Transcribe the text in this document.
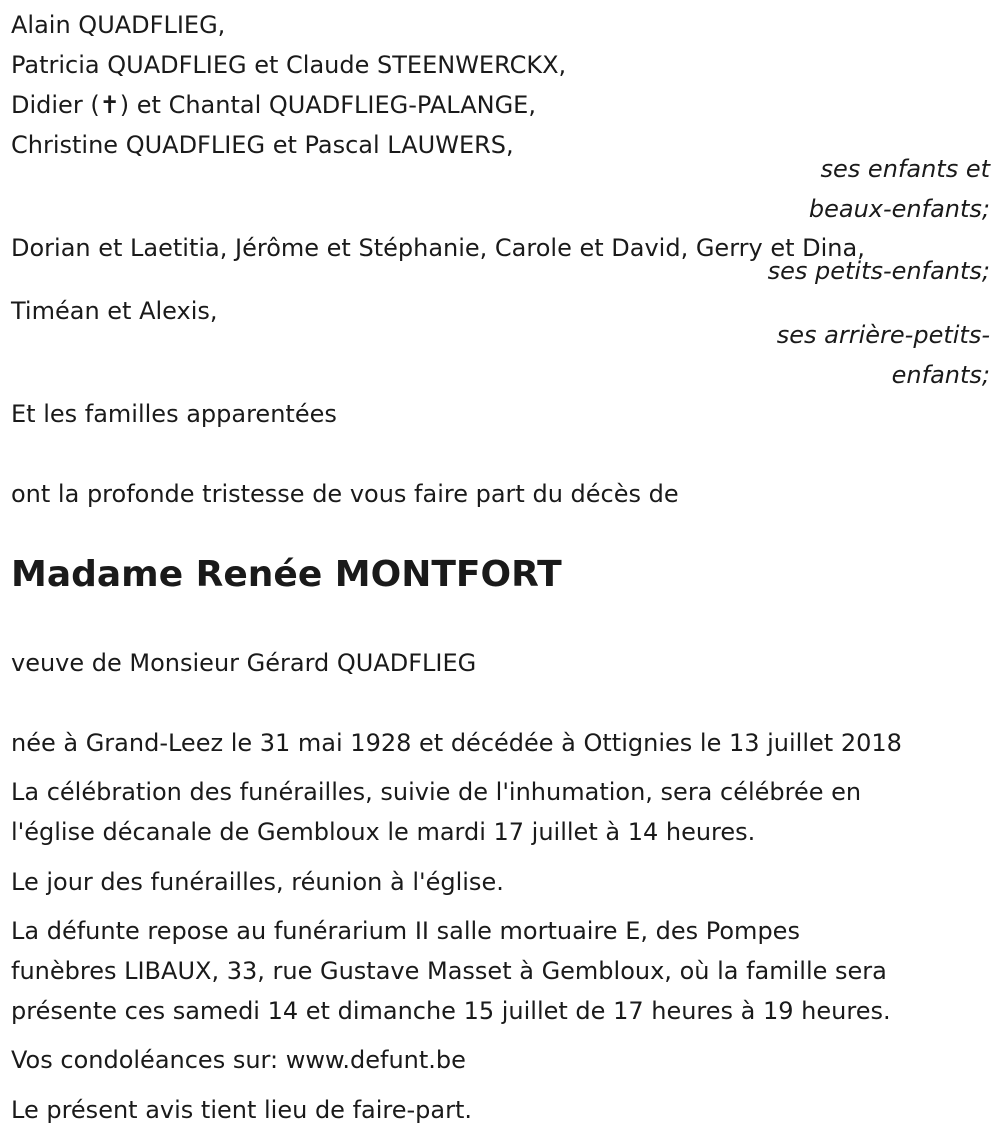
Alain QUADFLIEG,
Patricia QUADFLIEG et Claude STEENWERCKX,
Didier (✝) et Chantal QUADFLIEG-PALANGE,
Christine QUADFLIEG et Pascal LAUWERS,
ses enfants et
beaux-enfants;
Dorian et Laetitia, Jérôme et Stéphanie, Carole et David, Gerry et Dina,
ses petits-enfants;
Timéan et Alexis,
ses arrière-petits-
enfants;
Et les familles apparentées
ont la profonde tristesse de vous faire part du décès de
Madame Renée MONTFORT
veuve de Monsieur Gérard QUADFLIEG
née à Grand-Leez le 31 mai 1928 et décédée à Ottignies le 13 juillet 2018
La célébration des funérailles, suivie de l'inhumation, sera célébrée en
l'église décanale de Gembloux le mardi 17 juillet à 14 heures.
Le jour des funérailles, réunion à l'église.
La défunte repose au funérarium II salle mortuaire E, des Pompes
funèbres LIBAUX, 33, rue Gustave Masset à Gembloux, où la famille sera
présente ces samedi 14 et dimanche 15 juillet de 17 heures à 19 heures.
Vos condoléances sur: www.defunt.be
Le présent avis tient lieu de faire-part.
